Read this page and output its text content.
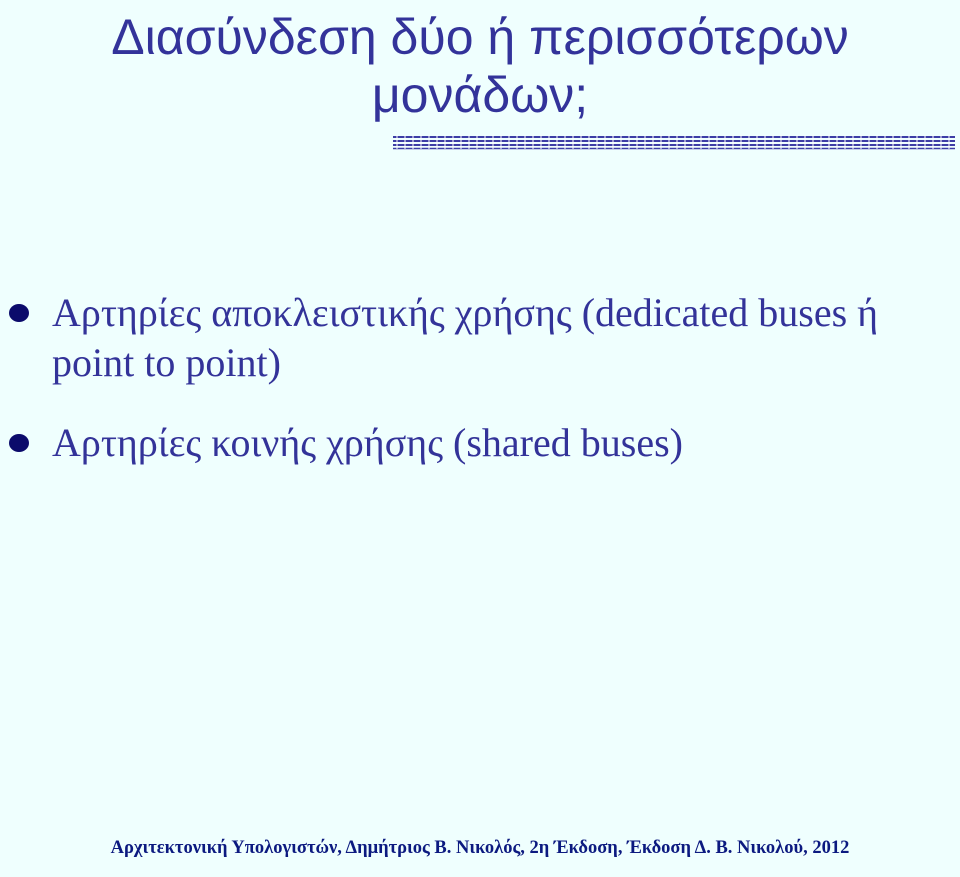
Διασύνδεση δύο ή περισσότερων
μονάδων;
Αρτηρίες αποκλειστικής χρήσης (dedicated buses ή point to point)
Αρτηρίες κοινής χρήσης (shared buses)
Αρχιτεκτονική Υπολογιστών, Δημήτριος Β. Νικολός, 2η Έκδοση, Έκδοση Δ. Β. Νικολού, 2012
